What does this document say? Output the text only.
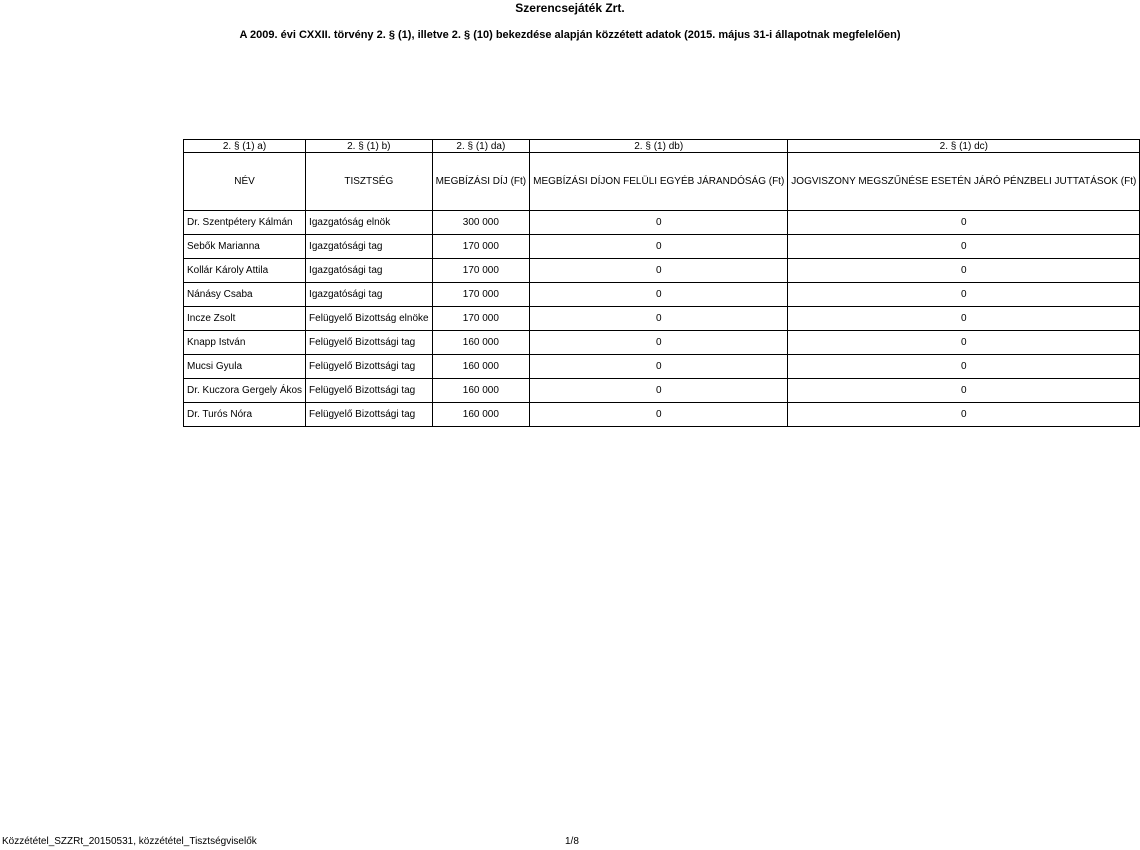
Szerencsejáték Zrt.
A 2009. évi CXXII. törvény 2. § (1), illetve 2. § (10) bekezdése alapján közzétett adatok (2015. május 31-i állapotnak megfelelően)
2. § (1) a)	2. § (1) b)	2. § (1) da)	2. § (1) db)	2. § (1) dc)
NÉV	TISZTSÉG	MEGBÍZÁSI DÍJ (Ft)	MEGBÍZÁSI DÍJON FELÜLI EGYÉB JÁRANDÓSÁG (Ft)	JOGVISZONY MEGSZŰNÉSE ESETÉN JÁRÓ PÉNZBELI JUTTATÁSOK (Ft)
Dr. Szentpétery Kálmán	Igazgatóság elnök	300 000	0	0
Sebők Marianna	Igazgatósági tag	170 000	0	0
Kollár Károly Attila	Igazgatósági tag	170 000	0	0
Nánásy Csaba	Igazgatósági tag	170 000	0	0
Incze Zsolt	Felügyelő Bizottság elnöke	170 000	0	0
Knapp István	Felügyelő Bizottsági tag	160 000	0	0
Mucsi Gyula	Felügyelő Bizottsági tag	160 000	0	0
Dr. Kuczora Gergely Ákos	Felügyelő Bizottsági tag	160 000	0	0
Dr. Turós Nóra	Felügyelő Bizottsági tag	160 000	0	0
Közzététel_SZZRt_20150531, közzététel_Tisztségviselők	1/8
